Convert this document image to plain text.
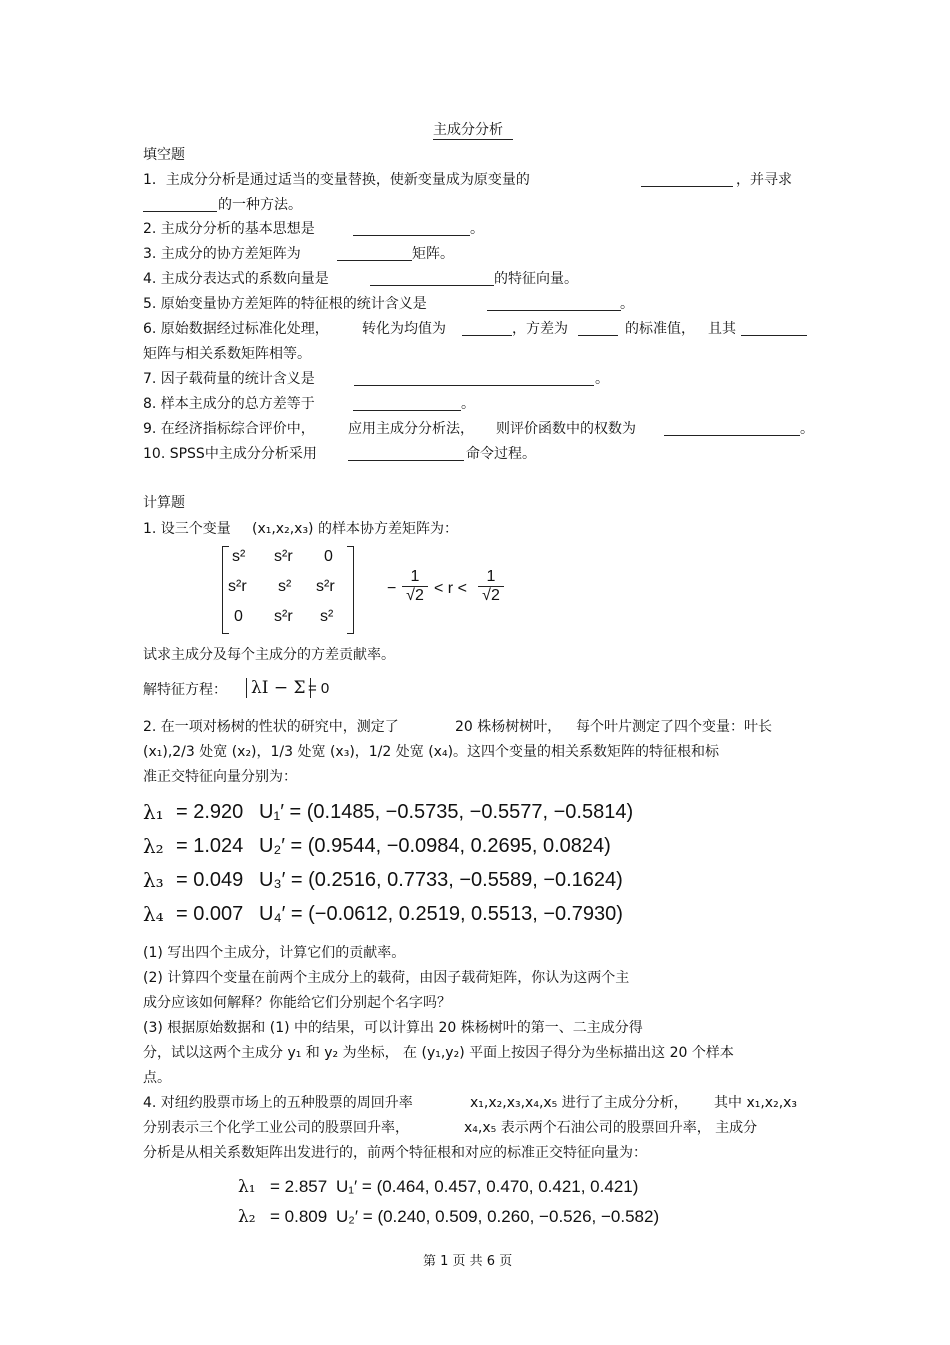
主成分分析
填空题
1．主成分分析是通过适当的变量替换，使新变量成为原变量的	，并寻求
的一种方法。
2. 主成分分析的基本思想是	。
3. 主成分的协方差矩阵为	矩阵。
4. 主成分表达式的系数向量是	的特征向量。
5. 原始变量协方差矩阵的特征根的统计含义是	。
6. 原始数据经过标准化处理， 转化为均值为	，方差为	的标准值， 且其
矩阵与相关系数矩阵相等。
7. 因子载荷量的统计含义是	。
8. 样本主成分的总方差等于	。
9. 在经济指标综合评价中， 应用主成分分析法， 则评价函数中的权数为	。
10. SPSS中主成分分析采用	命令过程。
计算题
1. 设三个变量 (x₁,x₂,x₃) 的样本协方差矩阵为：
s² s²r 0
s²r s² s²r
0 s²r s²
− $\frac{1}{√2} < r < \frac{1}{√2}$
试求主成分及每个主成分的方差贡献率。
解特征方程： λI − Σ = 0
2. 在一项对杨树的性状的研究中，测定了	20 株杨树树叶， 每个叶片测定了四个变量：叶长
(x₁),2/3 处宽 (x₂)，1/3 处宽 (x₃)，1/2 处宽 (x₄)。这四个变量的相关系数矩阵的特征根和标
准正交特征向量分别为：
λ₁ = 2.920 U₁′ = (0.1485, −0.5735, −0.5577, −0.5814)
λ₂ = 1.024 U₂′ = (0.9544, −0.0984, 0.2695, 0.0824)
λ₃ = 0.049 U₃′ = (0.2516, 0.7733, −0.5589, −0.1624)
λ₄ = 0.007 U₄′ = (−0.0612, 0.2519, 0.5513, −0.7930)
(1) 写出四个主成分，计算它们的贡献率。
(2) 计算四个变量在前两个主成分上的载荷，由因子载荷矩阵，你认为这两个主
成分应该如何解释？你能给它们分别起个名字吗？
(3) 根据原始数据和 (1) 中的结果，可以计算出 20 株杨树叶的第一、二主成分得
分，试以这两个主成分 y₁ 和 y₂ 为坐标， 在 (y₁,y₂) 平面上按因子得分为坐标描出这 20 个样本
点。
4. 对纽约股票市场上的五种股票的周回升率	x₁,x₂,x₃,x₄,x₅ 进行了主成分分析， 其中 x₁,x₂,x₃
分别表示三个化学工业公司的股票回升率，	x₄,x₅ 表示两个石油公司的股票回升率， 主成分
分析是从相关系数矩阵出发进行的，前两个特征根和对应的标准正交特征向量为：
λ₁ = 2.857 U₁′ = (0.464, 0.457, 0.470, 0.421, 0.421)
λ₂ = 0.809 U₂′ = (0.240, 0.509, 0.260, −0.526, −0.582)
第 1 页 共 6 页
